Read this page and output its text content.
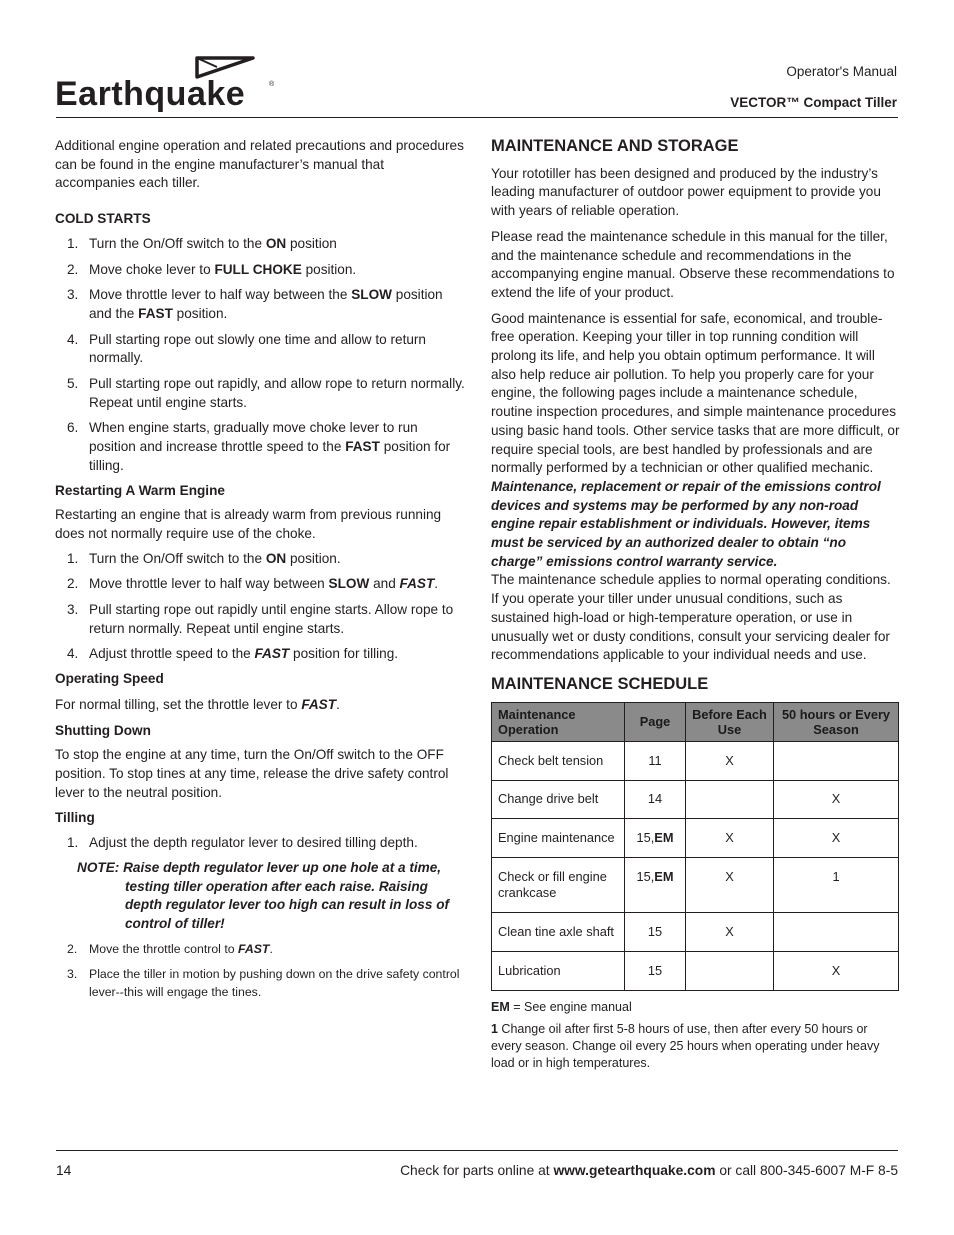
Earthquake	®
Operator's Manual
VECTOR™ Compact Tiller

Additional engine operation and related precautions and procedures can be found in the engine manufacturer’s manual that accompanies each tiller.

COLD STARTS

1. Turn the On/Off switch to the ON position
2. Move choke lever to FULL CHOKE position.
3. Move throttle lever to half way between the SLOW position and the FAST position.
4. Pull starting rope out slowly one time and allow to return normally.
5. Pull starting rope out rapidly, and allow rope to return normally. Repeat until engine starts.
6. When engine starts, gradually move choke lever to run position and increase throttle speed to the FAST position for tilling.

Restarting A Warm Engine

Restarting an engine that is already warm from previous running does not normally require use of the choke.

1. Turn the On/Off switch to the ON position.
2. Move throttle lever to half way between SLOW and FAST.
3. Pull starting rope out rapidly until engine starts. Allow rope to return normally. Repeat until engine starts.
4. Adjust throttle speed to the FAST position for tilling.

Operating Speed

For normal tilling, set the throttle lever to FAST.

Shutting Down

To stop the engine at any time, turn the On/Off switch to the OFF position. To stop tines at any time, release the drive safety control lever to the neutral position.

Tilling

1. Adjust the depth regulator lever to desired tilling depth.

NOTE: Raise depth regulator lever up one hole at a time, testing tiller operation after each raise. Raising depth regulator lever too high can result in loss of control of tiller!

2. Move the throttle control to FAST.
3. Place the tiller in motion by pushing down on the drive safety control lever--this will engage the tines.

MAINTENANCE AND STORAGE

Your rototiller has been designed and produced by the industry’s leading manufacturer of outdoor power equipment to provide you with years of reliable operation.

Please read the maintenance schedule in this manual for the tiller, and the maintenance schedule and recommendations in the accompanying engine manual. Observe these recommendations to extend the life of your product.

Good maintenance is essential for safe, economical, and trouble-free operation. Keeping your tiller in top running condition will prolong its life, and help you obtain optimum performance. It will also help reduce air pollution. To help you properly care for your engine, the following pages include a maintenance schedule, routine inspection procedures, and simple maintenance procedures using basic hand tools. Other service tasks that are more difficult, or require special tools, are best handled by professionals and are normally performed by a technician or other qualified mechanic.

Maintenance, replacement or repair of the emissions control devices and systems may be performed by any non-road engine repair establishment or individuals. However, items must be serviced by an authorized dealer to obtain “no charge” emissions control warranty service.

The maintenance schedule applies to normal operating conditions. If you operate your tiller under unusual conditions, such as sustained high-load or high-temperature operation, or use in unusually wet or dusty conditions, consult your servicing dealer for recommendations applicable to your individual needs and use.

MAINTENANCE SCHEDULE

Maintenance Operation	Page	Before Each Use	50 hours or Every Season
Check belt tension	11	X	
Change drive belt	14		X
Engine maintenance	15,EM	X	X
Check or fill engine crankcase	15,EM	X	1
Clean tine axle shaft	15	X	
Lubrication	15		X

EM = See engine manual

1 Change oil after first 5-8 hours of use, then after every 50 hours or every season. Change oil every 25 hours when operating under heavy load or in high temperatures.

14	Check for parts online at www.getearthquake.com or call 800-345-6007 M-F 8-5
